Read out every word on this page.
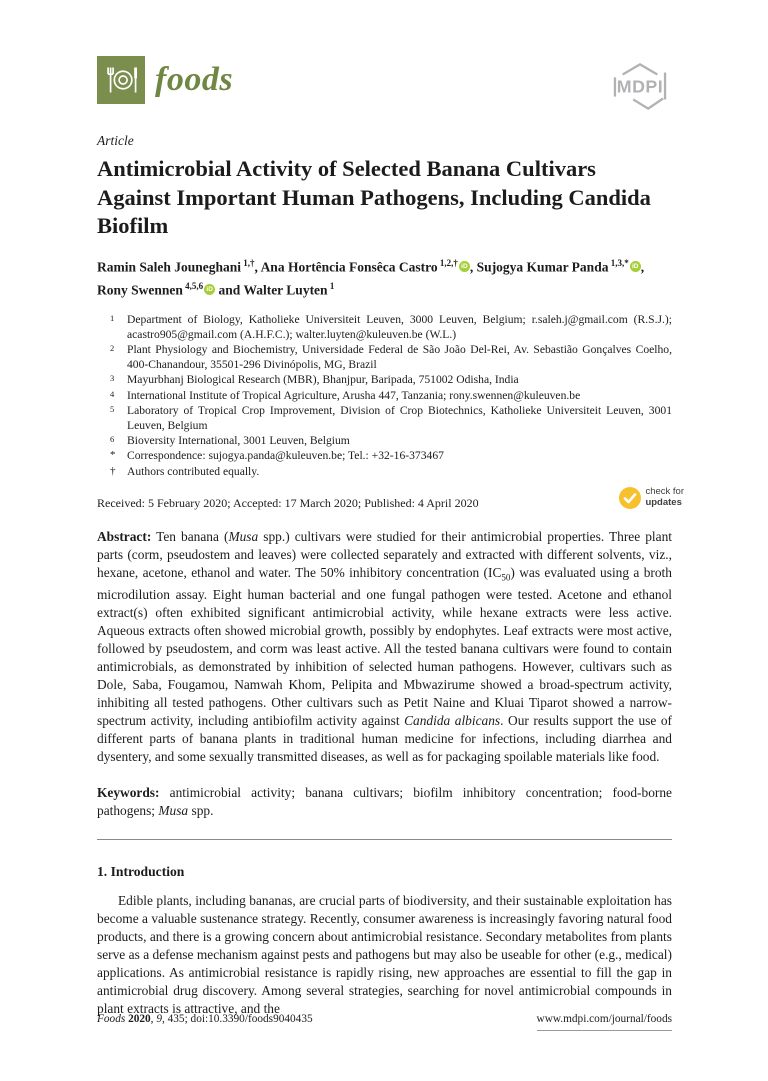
foods	MDPI
Article
Antimicrobial Activity of Selected Banana Cultivars Against Important Human Pathogens, Including Candida Biofilm

Ramin Saleh Jouneghani $^{1,\dagger}$, Ana Hortência Fonsêca Castro $^{1,2,\dagger}$ iD , Sujogya Kumar Panda $^{1,3,*}$ iD , Rony Swennen $^{4,5,6}$ iD and Walter Luyten $^1$

1	Department of Biology, Katholieke Universiteit Leuven, 3000 Leuven, Belgium; r.saleh.j@gmail.com (R.S.J.); acastro905@gmail.com (A.H.F.C.); walter.luyten@kuleuven.be (W.L.)
2	Plant Physiology and Biochemistry, Universidade Federal de São João Del-Rei, Av. Sebastião Gonçalves Coelho, 400-Chanandour, 35501-296 Divinópolis, MG, Brazil
3	Mayurbhanj Biological Research (MBR), Bhanjpur, Baripada, 751002 Odisha, India
4	International Institute of Tropical Agriculture, Arusha 447, Tanzania; rony.swennen@kuleuven.be
5	Laboratory of Tropical Crop Improvement, Division of Crop Biotechnics, Katholieke Universiteit Leuven, 3001 Leuven, Belgium
6	Bioversity International, 3001 Leuven, Belgium
* Correspondence: sujogya.panda@kuleuven.be; Tel.: +32-16-373467
† Authors contributed equally.
Received: 5 February 2020; Accepted: 17 March 2020; Published: 4 April 2020
check for
updates

Abstract: Ten banana (Musa spp.) cultivars were studied for their antimicrobial properties. Three plant parts (corm, pseudostem and leaves) were collected separately and extracted with different solvents, viz., hexane, acetone, ethanol and water. The 50% inhibitory concentration $(IC_{50})$ was evaluated using a broth microdilution assay. Eight human bacterial and one fungal pathogen were tested. Acetone and ethanol extract(s) often exhibited significant antimicrobial activity, while hexane extracts were less active. Aqueous extracts often showed microbial growth, possibly by endophytes. Leaf extracts were most active, followed by pseudostem, and corm was least active. All the tested banana cultivars were found to contain antimicrobials, as demonstrated by inhibition of selected human pathogens. However, cultivars such as Dole, Saba, Fougamou, Namwah Khom, Pelipita and Mbwazirume showed a broad-spectrum activity, inhibiting all tested pathogens. Other cultivars such as Petit Naine and Kluai Tiparot showed a narrow-spectrum activity, including antibiofilm activity against Candida albicans. Our results support the use of different parts of banana plants in traditional human medicine for infections, including diarrhea and dysentery, and some sexually transmitted diseases, as well as for packaging spoilable materials like food.

Keywords: antimicrobial activity; banana cultivars; biofilm inhibitory concentration; food-borne pathogens; Musa spp.

1. Introduction

Edible plants, including bananas, are crucial parts of biodiversity, and their sustainable exploitation has become a valuable sustenance strategy. Recently, consumer awareness is increasingly favoring natural food products, and there is a growing concern about antimicrobial resistance. Secondary metabolites from plants serve as a defense mechanism against pests and pathogens but may also be useable for other (e.g., medical) applications. As antimicrobial resistance is rapidly rising, new approaches are essential to fill the gap in antimicrobial drug discovery. Among several strategies, searching for novel antimicrobial compounds in plant extracts is attractive, and the

Foods 2020, 9, 435; doi:10.3390/foods9040435	www.mdpi.com/journal/foods
